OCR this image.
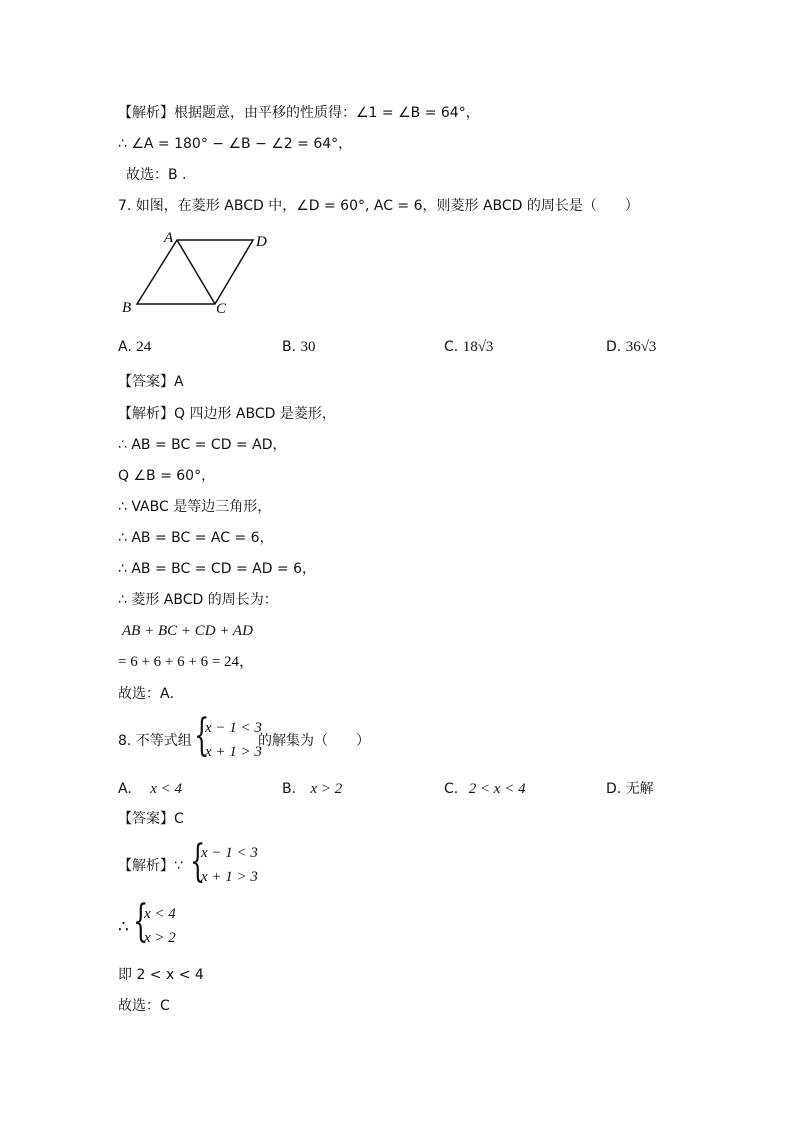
【解析】根据题意，由平移的性质得：∠1 = ∠B = 64°，
∴ ∠A = 180° − ∠B − ∠2 = 64°，
故选：B .
7. 如图，在菱形 ABCD 中，∠D = 60°, AC = 6，则菱形 ABCD 的周长是（　　）
A	D
B	C
A. 24	B. 30	C. 18√3	D. 36√3
【答案】A
【解析】Q 四边形 ABCD 是菱形，
∴ AB = BC = CD = AD，
Q ∠B = 60°，
∴ VABC 是等边三角形，
∴ AB = BC = AC = 6，
∴ AB = BC = CD = AD = 6，
∴ 菱形 ABCD 的周长为：
AB + BC + CD + AD
= 6 + 6 + 6 + 6 = 24，
故选：A．
8. 不等式组 {
x − 1 < 3
x + 1 > 3
的解集为（　　）
A. x < 4	B. x > 2	C. 2 < x < 4	D. 无解
【答案】C
【解析】∵ {
x − 1 < 3
x + 1 > 3
∴ {
x < 4
x > 2
即 2 < x < 4
故选：C
